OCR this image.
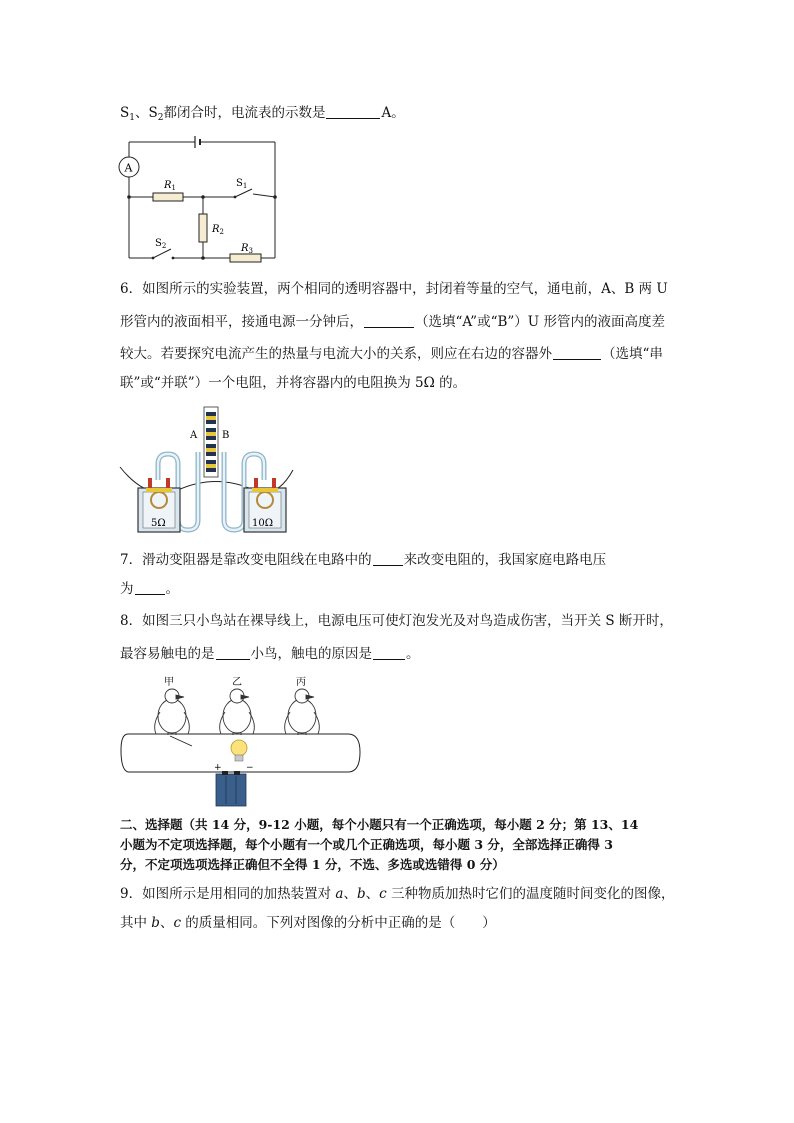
$S_1$、$S_2$都闭合时，电流表的示数是	A。
A
$R_1$
$R_2$
$R_3$
$S_1$
$S_2$
6．如图所示的实验装置，两个相同的透明容器中，封闭着等量的空气，通电前，A、B 两 U
形管内的液面相平，接通电源一分钟后，	（选填“A”或“B”）U 形管内的液面高度差
较大。若要探究电流产生的热量与电流大小的关系，则应在右边的容器外	（选填“串
联”或“并联”）一个电阻，并将容器内的电阻换为 5Ω 的。
A B
5Ω	10Ω
7．滑动变阻器是靠改变电阻线在电路中的 来改变电阻的，我国家庭电路电压
为 。
8．如图三只小鸟站在裸导线上，电源电压可使灯泡发光及对鸟造成伤害，当开关 S 断开时，
最容易触电的是	小鸟，触电的原因是	。
甲	乙	丙
+	−
二、选择题（共 14 分，9-12 小题，每个小题只有一个正确选项，每小题 2 分；第 13、14
小题为不定项选择题，每个小题有一个或几个正确选项，每小题 3 分，全部选择正确得 3
分，不定项选项选择正确但不全得 1 分，不选、多选或选错得 0 分）
9．如图所示是用相同的加热装置对 a、b、c 三种物质加热时它们的温度随时间变化的图像，
其中 b、c 的质量相同。下列对图像的分析中正确的是（　　）
